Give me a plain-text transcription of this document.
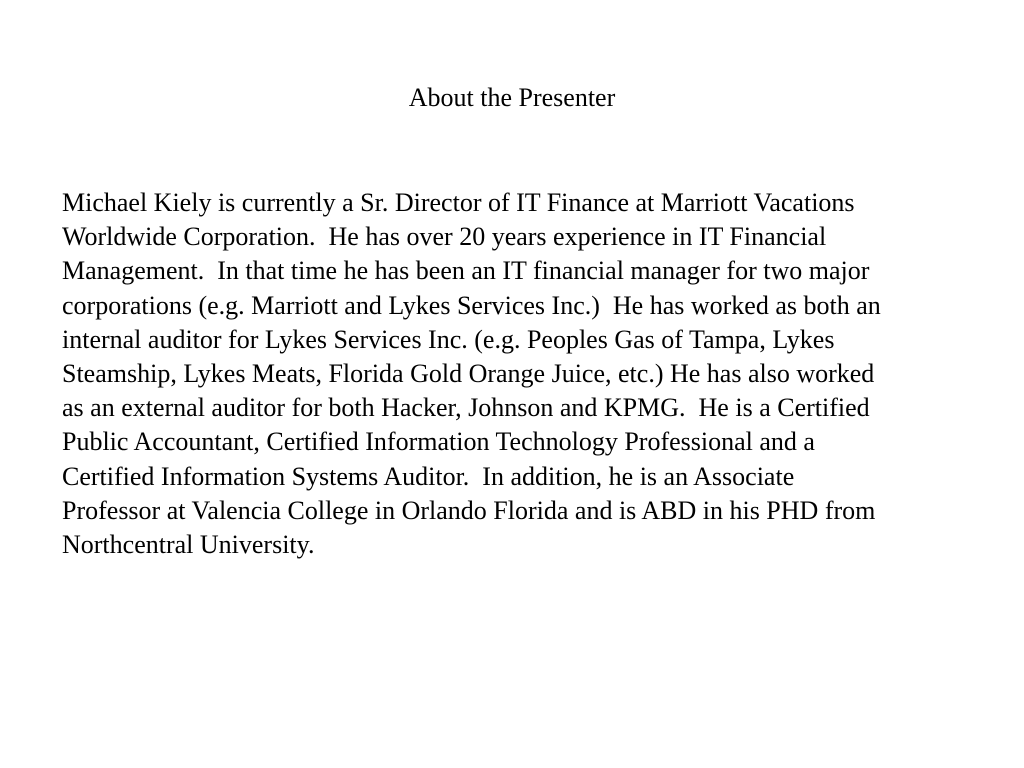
About the Presenter
Michael Kiely is currently a Sr. Director of IT Finance at Marriott Vacations
Worldwide Corporation.  He has over 20 years experience in IT Financial
Management.  In that time he has been an IT financial manager for two major
corporations (e.g. Marriott and Lykes Services Inc.)  He has worked as both an
internal auditor for Lykes Services Inc. (e.g. Peoples Gas of Tampa, Lykes
Steamship, Lykes Meats, Florida Gold Orange Juice, etc.) He has also worked
as an external auditor for both Hacker, Johnson and KPMG.  He is a Certified
Public Accountant, Certified Information Technology Professional and a
Certified Information Systems Auditor.  In addition, he is an Associate
Professor at Valencia College in Orlando Florida and is ABD in his PHD from
Northcentral University.
